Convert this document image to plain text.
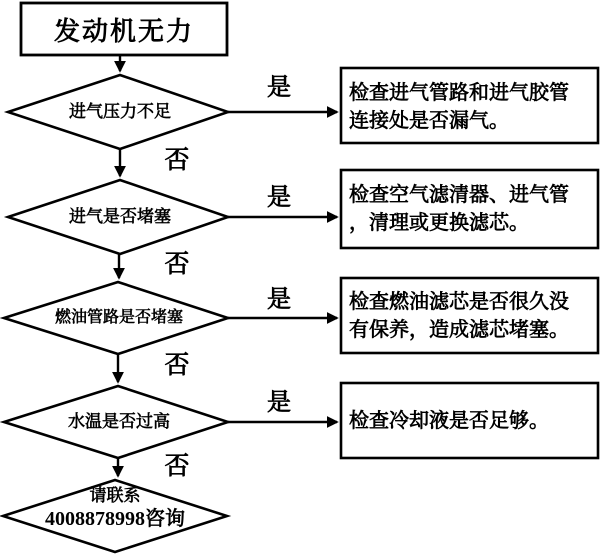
发动机无力
进气压力不足
进气是否堵塞
燃油管路是否堵塞
水温是否过高
是
是
是
是
否
否
否
否
检查进气管路和进气胶管
连接处是否漏气。
检查空气滤清器、进气管
，清理或更换滤芯。
检查燃油滤芯是否很久没
有保养，造成滤芯堵塞。
检查冷却液是否足够。
请联系
4008878998咨询
